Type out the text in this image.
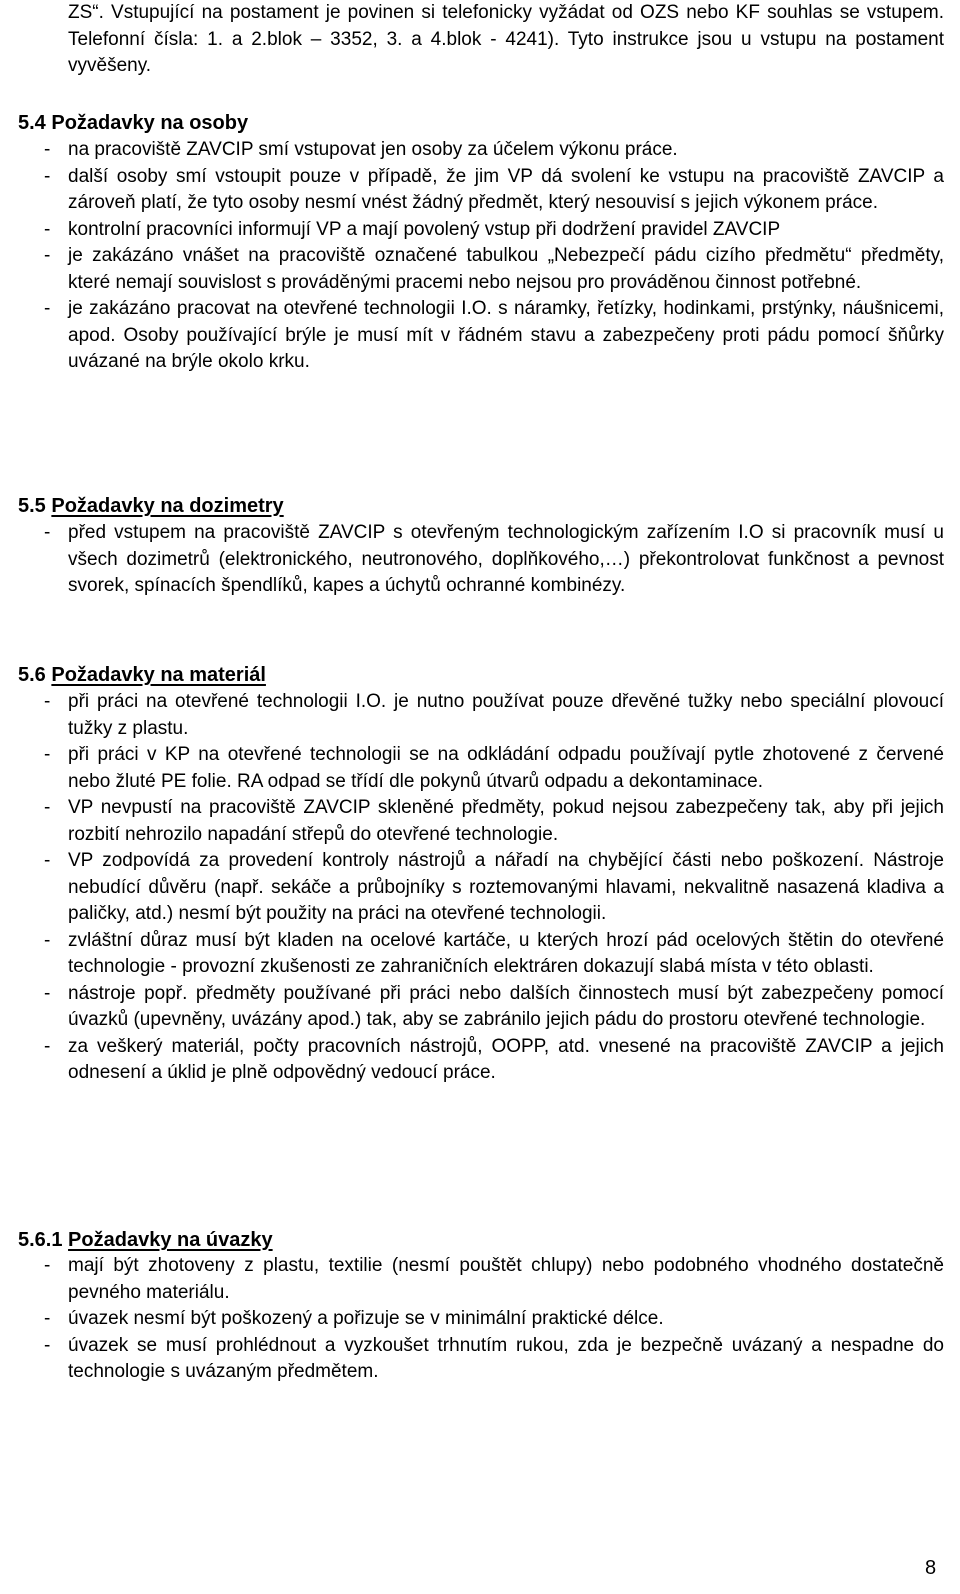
ZS“. Vstupující na postament je povinen si telefonicky vyžádat od OZS nebo KF souhlas se vstupem. Telefonní čísla: 1. a 2.blok – 3352, 3. a 4.blok - 4241). Tyto instrukce jsou u vstupu na postament vyvěšeny.

5.4 Požadavky na osoby
- na pracoviště ZAVCIP smí vstupovat jen osoby za účelem výkonu práce.
- další osoby smí vstoupit pouze v případě, že jim VP dá svolení ke vstupu na pracoviště ZAVCIP a zároveň platí, že tyto osoby nesmí vnést žádný předmět, který nesouvisí s jejich výkonem práce.
- kontrolní pracovníci informují VP a mají povolený vstup při dodržení pravidel ZAVCIP
- je zakázáno vnášet na pracoviště označené tabulkou „Nebezpečí pádu cizího předmětu“ předměty, které nemají souvislost s prováděnými pracemi nebo nejsou pro prováděnou činnost potřebné.
- je zakázáno pracovat na otevřené technologii I.O. s náramky, řetízky, hodinkami, prstýnky, náušnicemi, apod. Osoby používající brýle je musí mít v řádném stavu a zabezpečeny proti pádu pomocí šňůrky uvázané na brýle okolo krku.
5.5 Požadavky na dozimetry
- před vstupem na pracoviště ZAVCIP s otevřeným technologickým zařízením I.O si pracovník musí u všech dozimetrů (elektronického, neutronového, doplňkového,…) překontrolovat funkčnost a pevnost svorek, spínacích špendlíků, kapes a úchytů ochranné kombinézy.
5.6 Požadavky na materiál
- při práci na otevřené technologii I.O. je nutno používat pouze dřevěné tužky nebo speciální plovoucí tužky z plastu.
- při práci v KP na otevřené technologii se na odkládání odpadu používají pytle zhotovené z červené nebo žluté PE folie. RA odpad se třídí dle pokynů útvarů odpadu a dekontaminace.
- VP nevpustí na pracoviště ZAVCIP skleněné předměty, pokud nejsou zabezpečeny tak, aby při jejich rozbití nehrozilo napadání střepů do otevřené technologie.
- VP zodpovídá za provedení kontroly nástrojů a nářadí na chybějící části nebo poškození. Nástroje nebudící důvěru (např. sekáče a průbojníky s roztemovanými hlavami, nekvalitně nasazená kladiva a paličky, atd.) nesmí být použity na práci na otevřené technologii.
- zvláštní důraz musí být kladen na ocelové kartáče, u kterých hrozí pád ocelových štětin do otevřené technologie - provozní zkušenosti ze zahraničních elektráren dokazují slabá místa v této oblasti.
- nástroje popř. předměty používané při práci nebo dalších činnostech musí být zabezpečeny pomocí úvazků (upevněny, uvázány apod.) tak, aby se zabránilo jejich pádu do prostoru otevřené technologie.
- za veškerý materiál, počty pracovních nástrojů, OOPP, atd. vnesené na pracoviště ZAVCIP a jejich odnesení a úklid je plně odpovědný vedoucí práce.
5.6.1 Požadavky na úvazky
- mají být zhotoveny z plastu, textilie (nesmí pouštět chlupy) nebo podobného vhodného dostatečně pevného materiálu.
- úvazek nesmí být poškozený a pořizuje se v minimální praktické délce.
- úvazek se musí prohlédnout a vyzkoušet trhnutím rukou, zda je bezpečně uvázaný a nespadne do technologie s uvázaným předmětem.
8
